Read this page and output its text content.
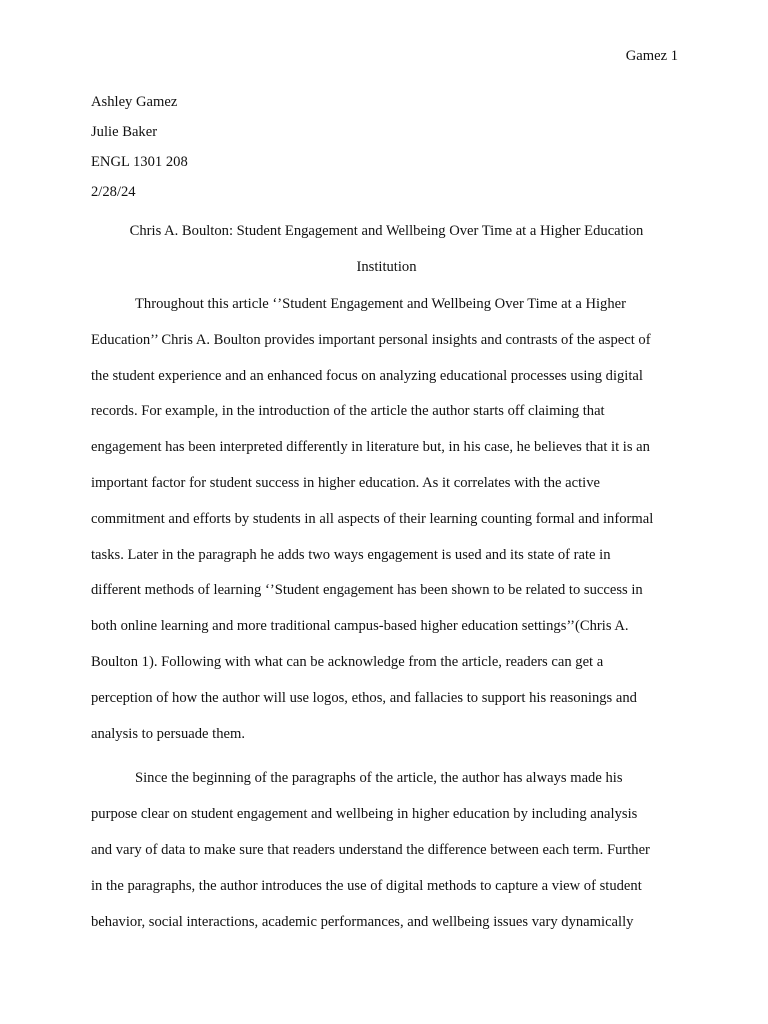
Gamez 1
Ashley Gamez
Julie Baker
ENGL 1301 208
2/28/24
Chris A. Boulton: Student Engagement and Wellbeing Over Time at a Higher Education
Institution

Throughout this article ‘’Student Engagement and Wellbeing Over Time at a Higher
Education’’ Chris A. Boulton provides important personal insights and contrasts of the aspect of
the student experience and an enhanced focus on analyzing educational processes using digital
records. For example, in the introduction of the article the author starts off claiming that
engagement has been interpreted differently in literature but, in his case, he believes that it is an
important factor for student success in higher education. As it correlates with the active
commitment and efforts by students in all aspects of their learning counting formal and informal
tasks. Later in the paragraph he adds two ways engagement is used and its state of rate in
different methods of learning ‘’Student engagement has been shown to be related to success in
both online learning and more traditional campus-based higher education settings’’(Chris A.
Boulton 1). Following with what can be acknowledge from the article, readers can get a
perception of how the author will use logos, ethos, and fallacies to support his reasonings and
analysis to persuade them.

Since the beginning of the paragraphs of the article, the author has always made his
purpose clear on student engagement and wellbeing in higher education by including analysis
and vary of data to make sure that readers understand the difference between each term. Further
in the paragraphs, the author introduces the use of digital methods to capture a view of student
behavior, social interactions, academic performances, and wellbeing issues vary dynamically
